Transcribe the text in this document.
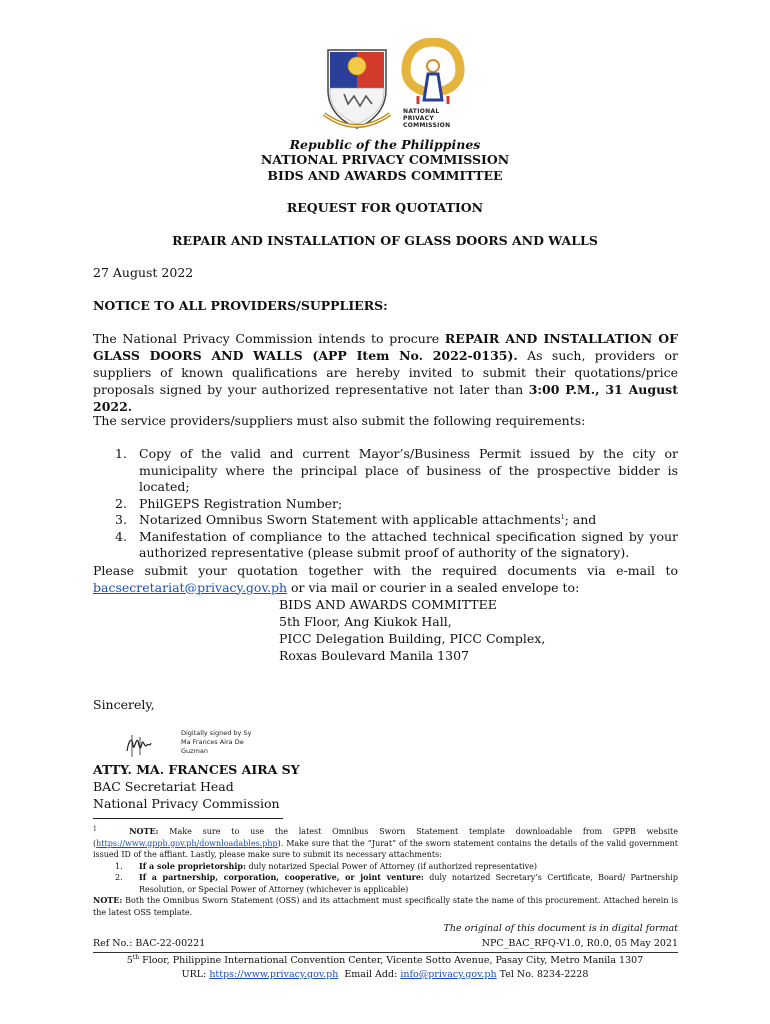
NATIONAL
PRIVACY
COMMISSION
Republic of the Philippines
NATIONAL PRIVACY COMMISSION
BIDS AND AWARDS COMMITTEE
REQUEST FOR QUOTATION
REPAIR AND INSTALLATION OF GLASS DOORS AND WALLS
27 August 2022
NOTICE TO ALL PROVIDERS/SUPPLIERS:
The National Privacy Commission intends to procure REPAIR AND INSTALLATION OF GLASS DOORS AND WALLS (APP Item No. 2022-0135). As such, providers or suppliers of known qualifications are hereby invited to submit their quotations/price proposals signed by your authorized representative not later than 3:00 P.M., 31 August 2022.
The service providers/suppliers must also submit the following requirements:
1. Copy of the valid and current Mayor’s/Business Permit issued by the city or municipality where the principal place of business of the prospective bidder is located;
2. PhilGEPS Registration Number;
3. Notarized Omnibus Sworn Statement with applicable attachments$^1$; and
4. Manifestation of compliance to the attached technical specification signed by your authorized representative (please submit proof of authority of the signatory).
Please submit your quotation together with the required documents via e-mail to bacsecretariat@privacy.gov.ph or via mail or courier in a sealed envelope to:
BIDS AND AWARDS COMMITTEE
5th Floor, Ang Kiukok Hall,
PICC Delegation Building, PICC Complex,
Roxas Boulevard Manila 1307
Sincerely,
Digitally signed by Sy
Ma Frances Aira De
Guzman
ATTY. MA. FRANCES AIRA SY
BAC Secretariat Head
National Privacy Commission
$^1$	NOTE: Make sure to use the latest Omnibus Sworn Statement template downloadable from GPPB website (https://www.gppb.gov.ph/downloadables.php). Make sure that the “Jurat” of the sworn statement contains the details of the valid government issued ID of the affiant. Lastly, please make sure to submit its necessary attachments:
1. If a sole proprietorship: duly notarized Special Power of Attorney (if authorized representative)
2. If a partnership, corporation, cooperative, or joint venture: duly notarized Secretary’s Certificate, Board/ Partnership Resolution, or Special Power of Attorney (whichever is applicable)
NOTE: Both the Omnibus Sworn Statement (OSS) and its attachment must specifically state the name of this procurement. Attached herein is the latest OSS template.
The original of this document is in digital format
Ref No.: BAC-22-00221	NPC_BAC_RFQ-V1.0, R0.0, 05 May 2021
5th Floor, Philippine International Convention Center, Vicente Sotto Avenue, Pasay City, Metro Manila 1307
URL: https://www.privacy.gov.ph  Email Add: info@privacy.gov.ph Tel No. 8234-2228
